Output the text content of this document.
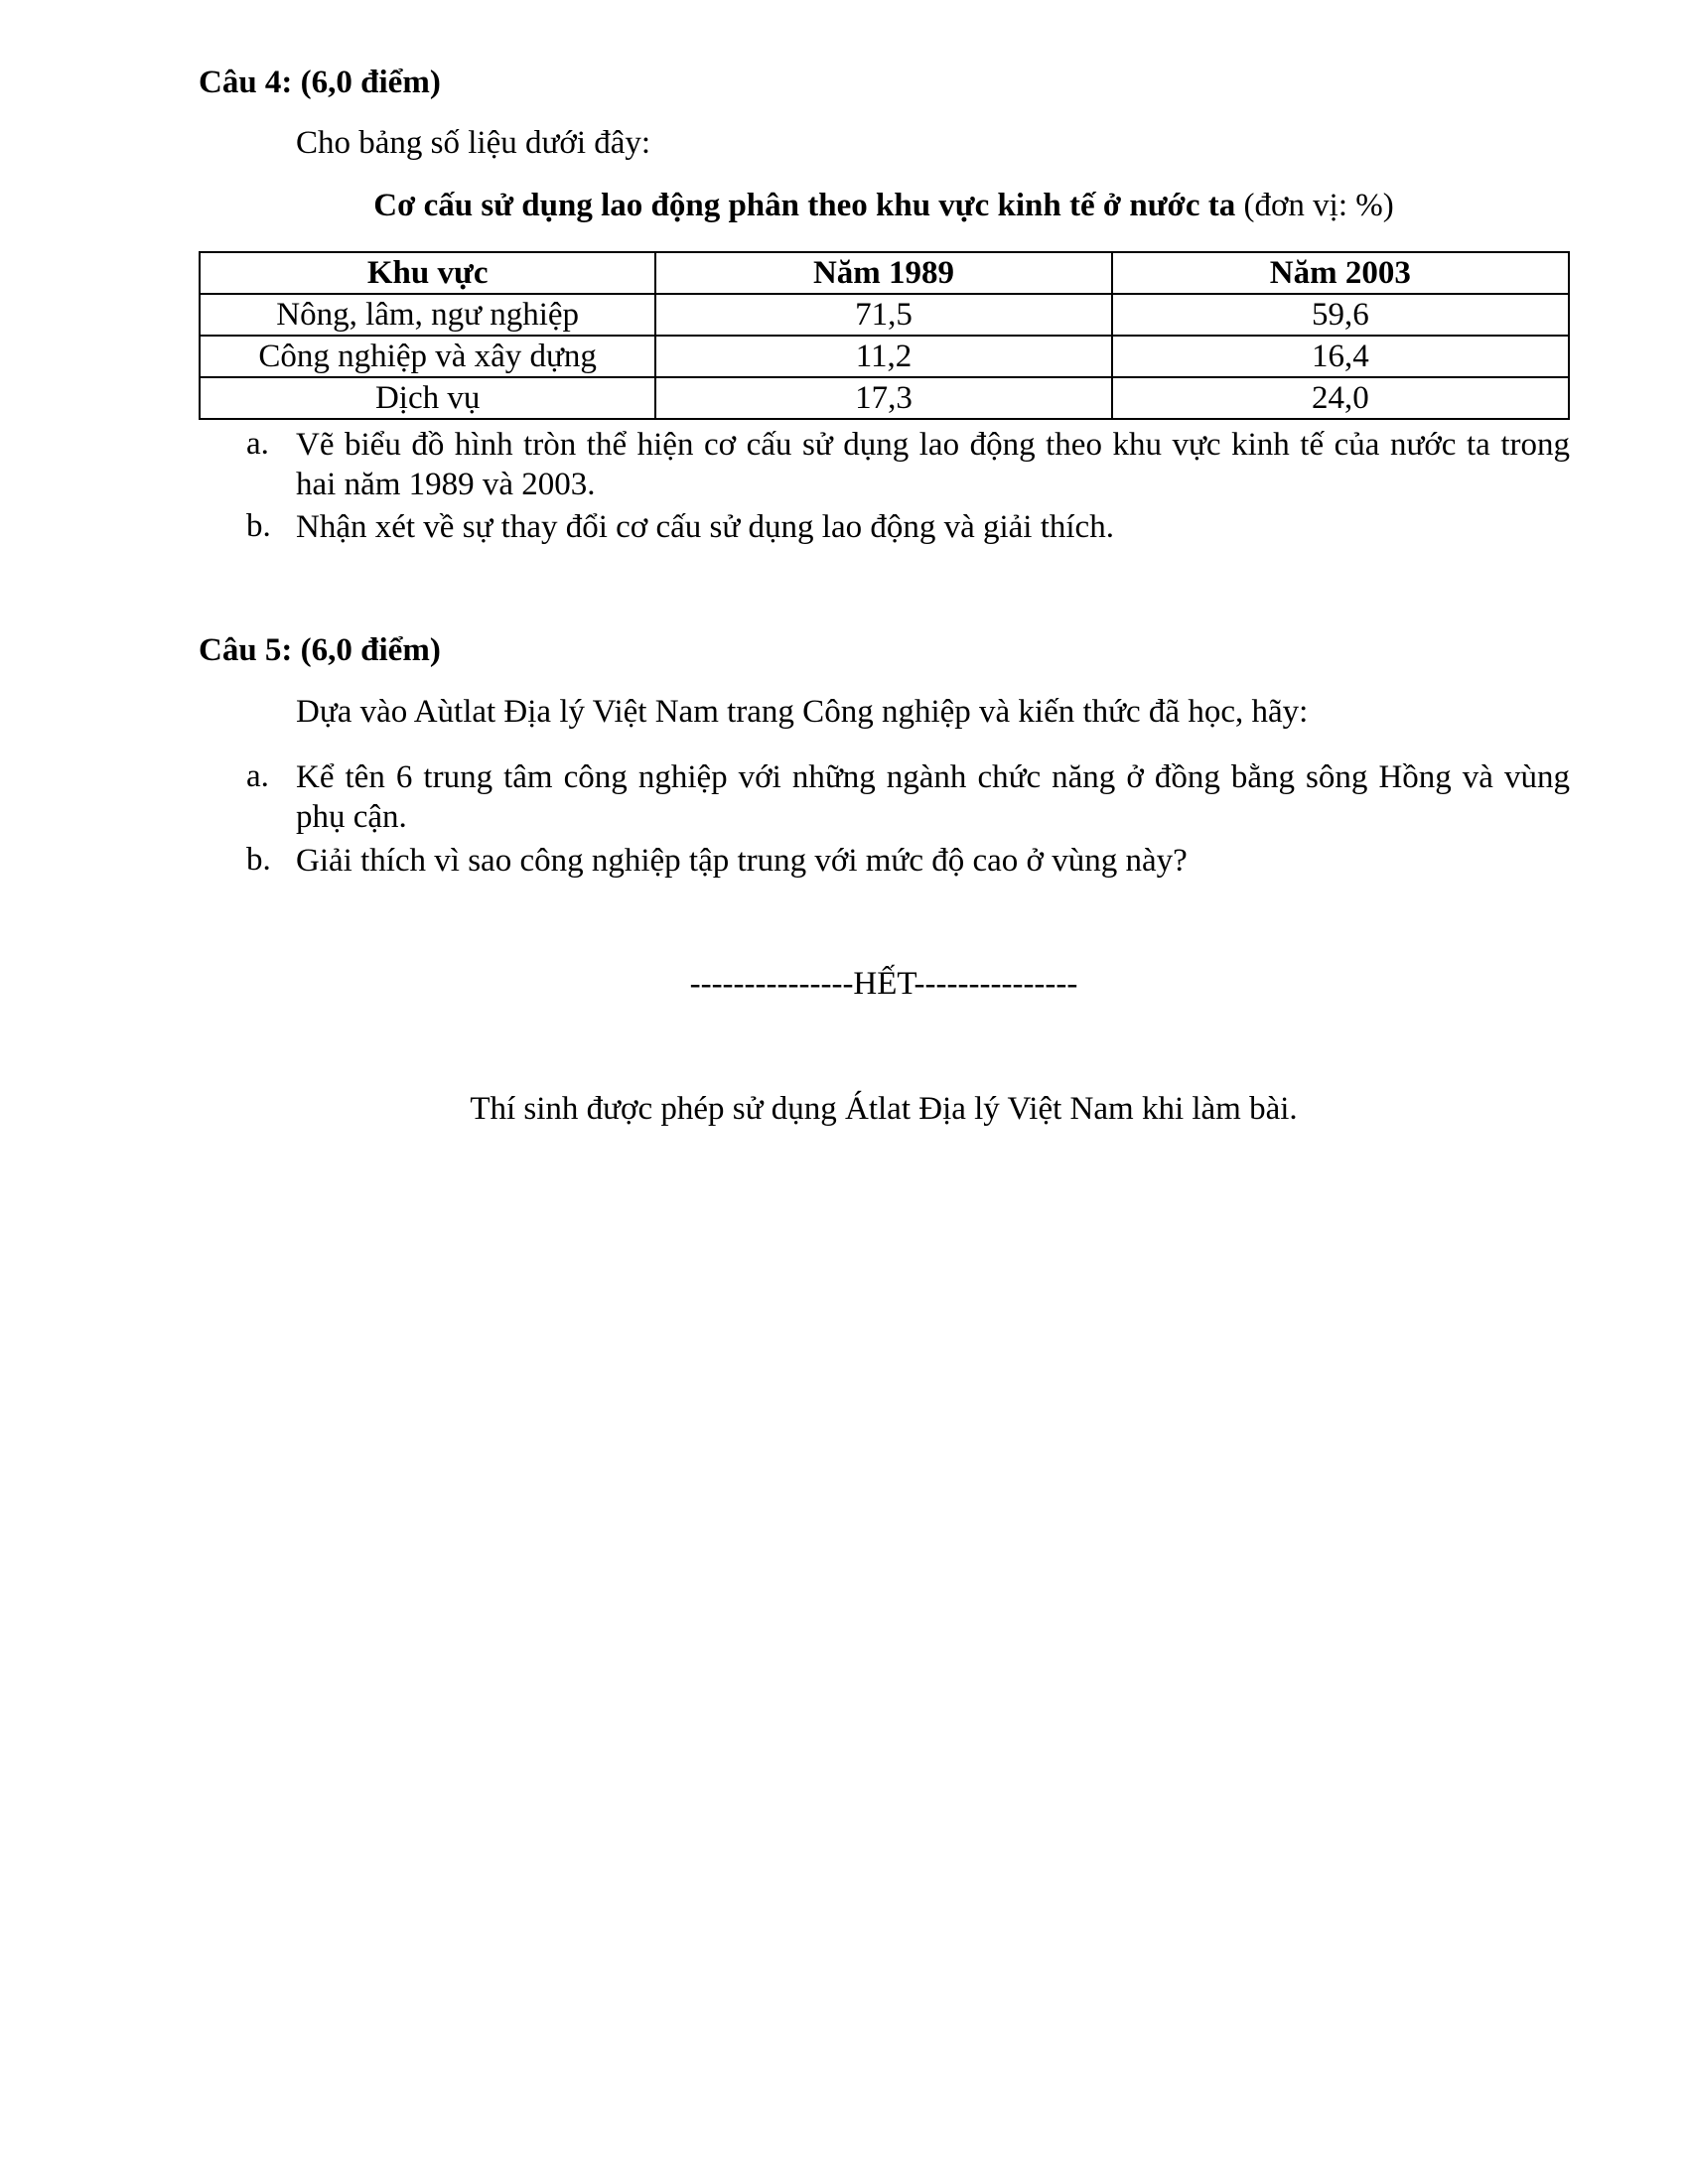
Câu 4: (6,0 điểm)
Cho bảng số liệu dưới đây:
Cơ cấu sử dụng lao động phân theo khu vực kinh tế ở nước ta (đơn vị: %)
Khu vực	Năm 1989	Năm 2003
Nông, lâm, ngư nghiệp	71,5	59,6
Công nghiệp và xây dựng	11,2	16,4
Dịch vụ	17,3	24,0
a. Vẽ biểu đồ hình tròn thể hiện cơ cấu sử dụng lao động theo khu vực kinh tế của nước ta trong hai năm 1989 và 2003.
b. Nhận xét về sự thay đổi cơ cấu sử dụng lao động và giải thích.
Câu 5: (6,0 điểm)
Dựa vào Aùtlat Địa lý Việt Nam trang Công nghiệp và kiến thức đã học, hãy:
a. Kể tên 6 trung tâm công nghiệp với những ngành chức năng ở đồng bằng sông Hồng và vùng phụ cận.
b. Giải thích vì sao công nghiệp tập trung với mức độ cao ở vùng này?
---------------HẾT---------------
Thí sinh được phép sử dụng Átlat Địa lý Việt Nam khi làm bài.
